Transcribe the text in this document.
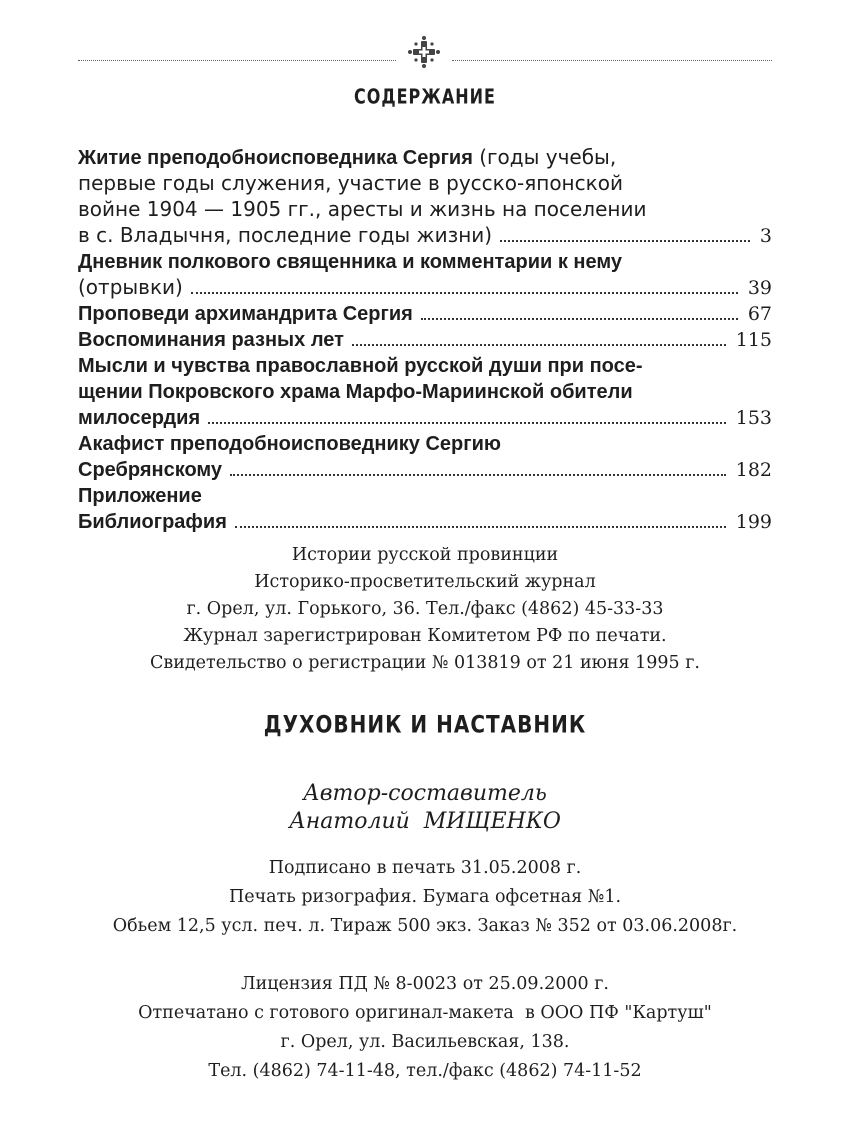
СОДЕРЖАНИЕ
Житие преподобноисповедника Сергия (годы учебы,
первые годы служения, участие в русско-японской
войне 1904 — 1905 гг., аресты и жизнь на поселении
в с. Владычня, последние годы жизни)	3
Дневник полкового священника и комментарии к нему
(отрывки)	39
Проповеди архимандрита Сергия	67
Воспоминания разных лет	115
Мысли и чувства православной русской души при посе-
щении Покровского храма Марфо-Мариинской обители
милосердия	153
Акафист преподобноисповеднику Сергию
Сребрянскому	182
Приложение
Библиография	199
Истории русской провинции
Историко-просветительский журнал
г. Орел, ул. Горького, 36. Тел./факс (4862) 45-33-33
Журнал зарегистрирован Комитетом РФ по печати.
Свидетельство о регистрации № 013819 от 21 июня 1995 г.
ДУХОВНИК И НАСТАВНИК
Автор-составитель
Анатолий  МИЩЕНКО
Подписано в печать 31.05.2008 г.
Печать ризография. Бумага офсетная №1.
Обьем 12,5 усл. печ. л. Тираж 500 экз. Заказ № 352 от 03.06.2008г.
Лицензия ПД № 8-0023 от 25.09.2000 г.
Отпечатано с готового оригинал-макета  в ООО ПФ "Картуш"
г. Орел, ул. Васильевская, 138.
Тел. (4862) 74-11-48, тел./факс (4862) 74-11-52
